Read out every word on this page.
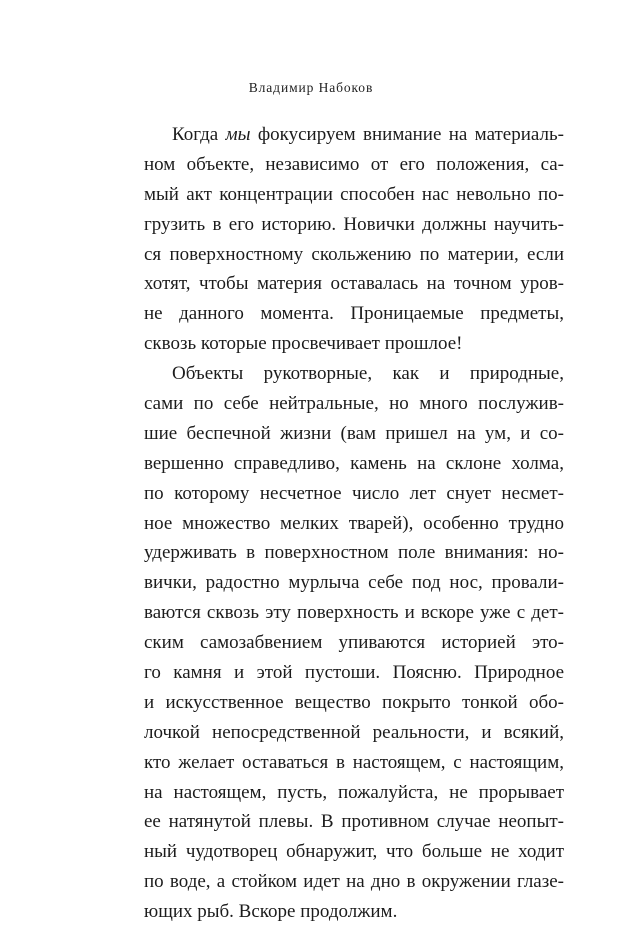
Владимир Набоков
Когда мы фокусируем внимание на материаль-
ном объекте, независимо от его положения, са-
мый акт концентрации способен нас невольно по-
грузить в его историю. Новички должны научить-
ся поверхностному скольжению по материи, если
хотят, чтобы материя оставалась на точном уров-
не данного момента. Проницаемые предметы,
сквозь которые просвечивает прошлое!
Объекты рукотворные, как и природные,
сами по себе нейтральные, но много послужив-
шие беспечной жизни (вам пришел на ум, и со-
вершенно справедливо, камень на склоне холма,
по которому несчетное число лет снует несмет-
ное множество мелких тварей), особенно трудно
удерживать в поверхностном поле внимания: но-
вички, радостно мурлыча себе под нос, провали-
ваются сквозь эту поверхность и вскоре уже с дет-
ским самозабвением упиваются историей это-
го камня и этой пустоши. Поясню. Природное
и искусственное вещество покрыто тонкой обо-
лочкой непосредственной реальности, и всякий,
кто желает оставаться в настоящем, с настоящим,
на настоящем, пусть, пожалуйста, не прорывает
ее натянутой плевы. В противном случае неопыт-
ный чудотворец обнаружит, что больше не ходит
по воде, а стойком идет на дно в окружении глазе-
ющих рыб. Вскоре продолжим.
